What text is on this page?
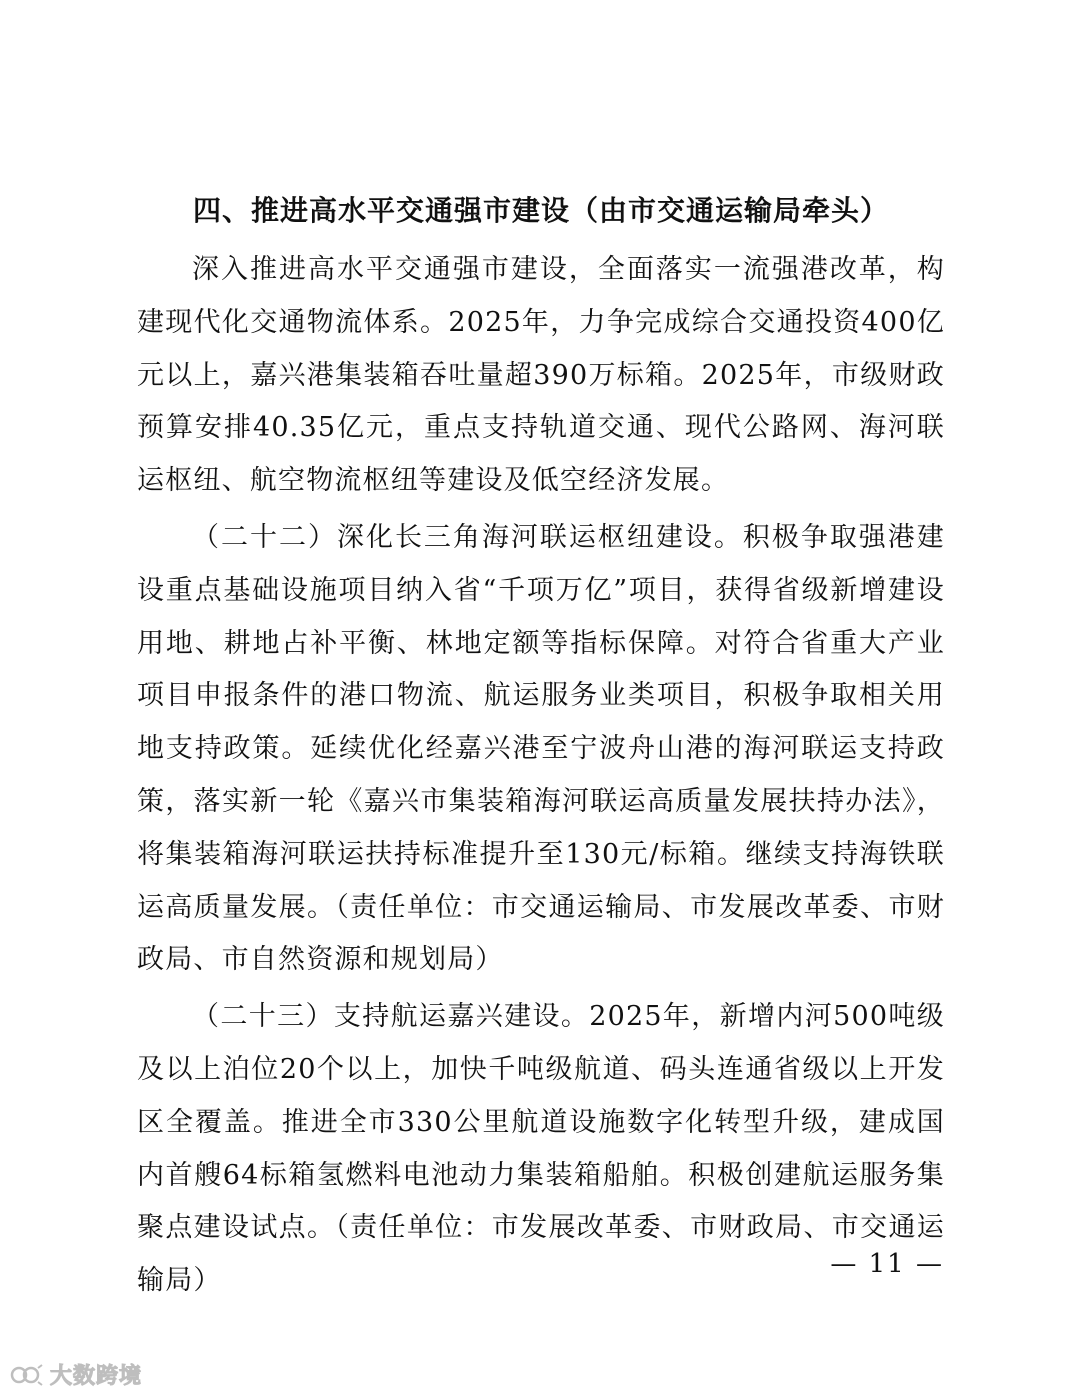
四、推进高水平交通强市建设（由市交通运输局牵头）

深入推进高水平交通强市建设，全面落实一流强港改革，构建现代化交通物流体系。2025年，力争完成综合交通投资400亿元以上，嘉兴港集装箱吞吐量超390万标箱。2025年，市级财政预算安排40.35亿元，重点支持轨道交通、现代公路网、海河联运枢纽、航空物流枢纽等建设及低空经济发展。

（二十二）深化长三角海河联运枢纽建设。积极争取强港建设重点基础设施项目纳入省“千项万亿”项目，获得省级新增建设用地、耕地占补平衡、林地定额等指标保障。对符合省重大产业项目申报条件的港口物流、航运服务业类项目，积极争取相关用地支持政策。延续优化经嘉兴港至宁波舟山港的海河联运支持政策，落实新一轮《嘉兴市集装箱海河联运高质量发展扶持办法》，将集装箱海河联运扶持标准提升至130元/标箱。继续支持海铁联运高质量发展。（责任单位：市交通运输局、市发展改革委、市财政局、市自然资源和规划局）

（二十三）支持航运嘉兴建设。2025年，新增内河500吨级及以上泊位20个以上，加快千吨级航道、码头连通省级以上开发区全覆盖。推进全市330公里航道设施数字化转型升级，建成国内首艘64标箱氢燃料电池动力集装箱船舶。积极创建航运服务集聚点建设试点。（责任单位：市发展改革委、市财政局、市交通运输局）

— 11 —
大数跨境
